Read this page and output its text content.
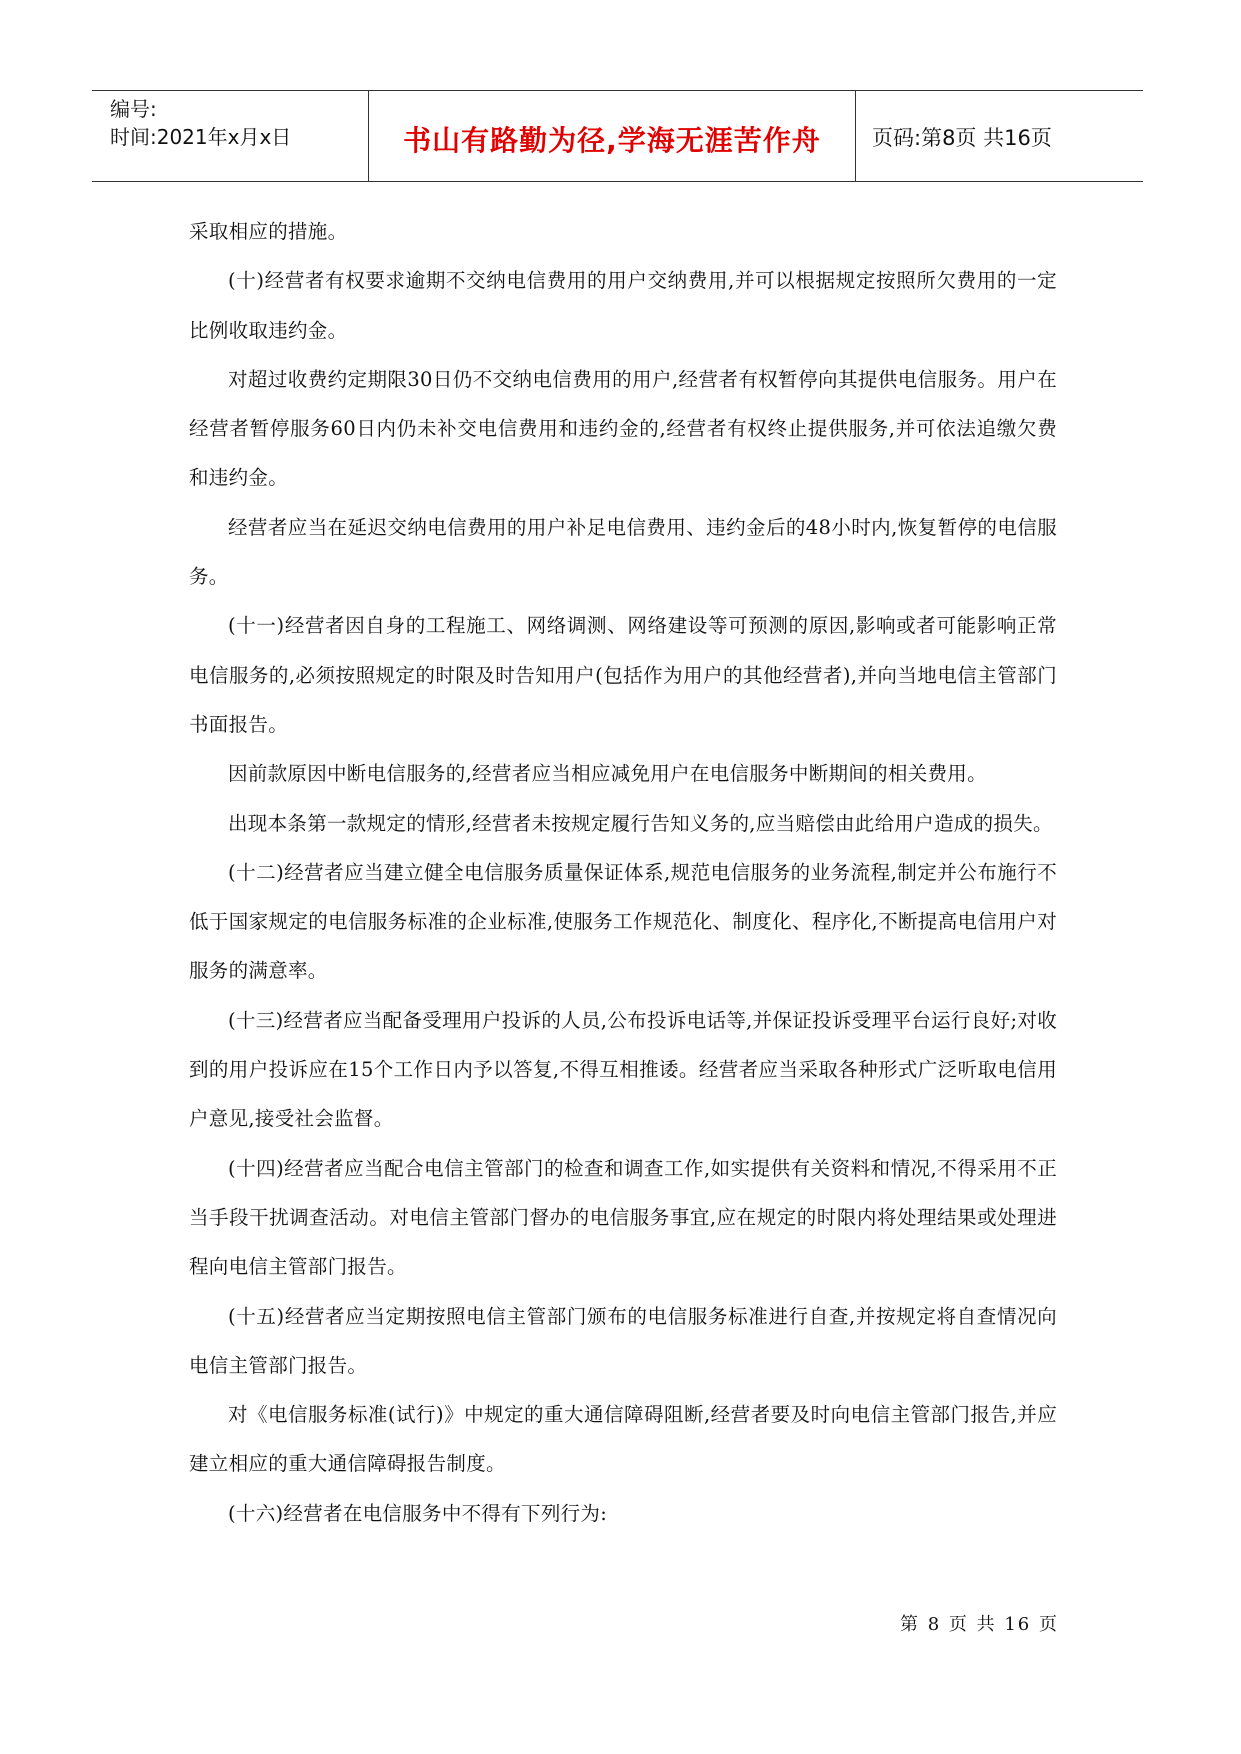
编号:
时间:2021年x月x日	书山有路勤为径,学海无涯苦作舟	页码:第8页 共16页

采取相应的措施。

(十)经营者有权要求逾期不交纳电信费用的用户交纳费用,并可以根据规定按照所欠费用的一定比例收取违约金。

对超过收费约定期限30日仍不交纳电信费用的用户,经营者有权暂停向其提供电信服务。用户在经营者暂停服务60日内仍未补交电信费用和违约金的,经营者有权终止提供服务,并可依法追缴欠费和违约金。

经营者应当在延迟交纳电信费用的用户补足电信费用、违约金后的48小时内,恢复暂停的电信服务。

(十一)经营者因自身的工程施工、网络调测、网络建设等可预测的原因,影响或者可能影响正常电信服务的,必须按照规定的时限及时告知用户(包括作为用户的其他经营者),并向当地电信主管部门书面报告。

因前款原因中断电信服务的,经营者应当相应减免用户在电信服务中断期间的相关费用。

出现本条第一款规定的情形,经营者未按规定履行告知义务的,应当赔偿由此给用户造成的损失。

(十二)经营者应当建立健全电信服务质量保证体系,规范电信服务的业务流程,制定并公布施行不低于国家规定的电信服务标准的企业标准,使服务工作规范化、制度化、程序化,不断提高电信用户对服务的满意率。

(十三)经营者应当配备受理用户投诉的人员,公布投诉电话等,并保证投诉受理平台运行良好;对收到的用户投诉应在15个工作日内予以答复,不得互相推诿。经营者应当采取各种形式广泛听取电信用户意见,接受社会监督。

(十四)经营者应当配合电信主管部门的检查和调查工作,如实提供有关资料和情况,不得采用不正当手段干扰调查活动。对电信主管部门督办的电信服务事宜,应在规定的时限内将处理结果或处理进程向电信主管部门报告。

(十五)经营者应当定期按照电信主管部门颁布的电信服务标准进行自查,并按规定将自查情况向电信主管部门报告。

对《电信服务标准(试行)》中规定的重大通信障碍阻断,经营者要及时向电信主管部门报告,并应建立相应的重大通信障碍报告制度。

(十六)经营者在电信服务中不得有下列行为:

第 8 页 共 16 页
